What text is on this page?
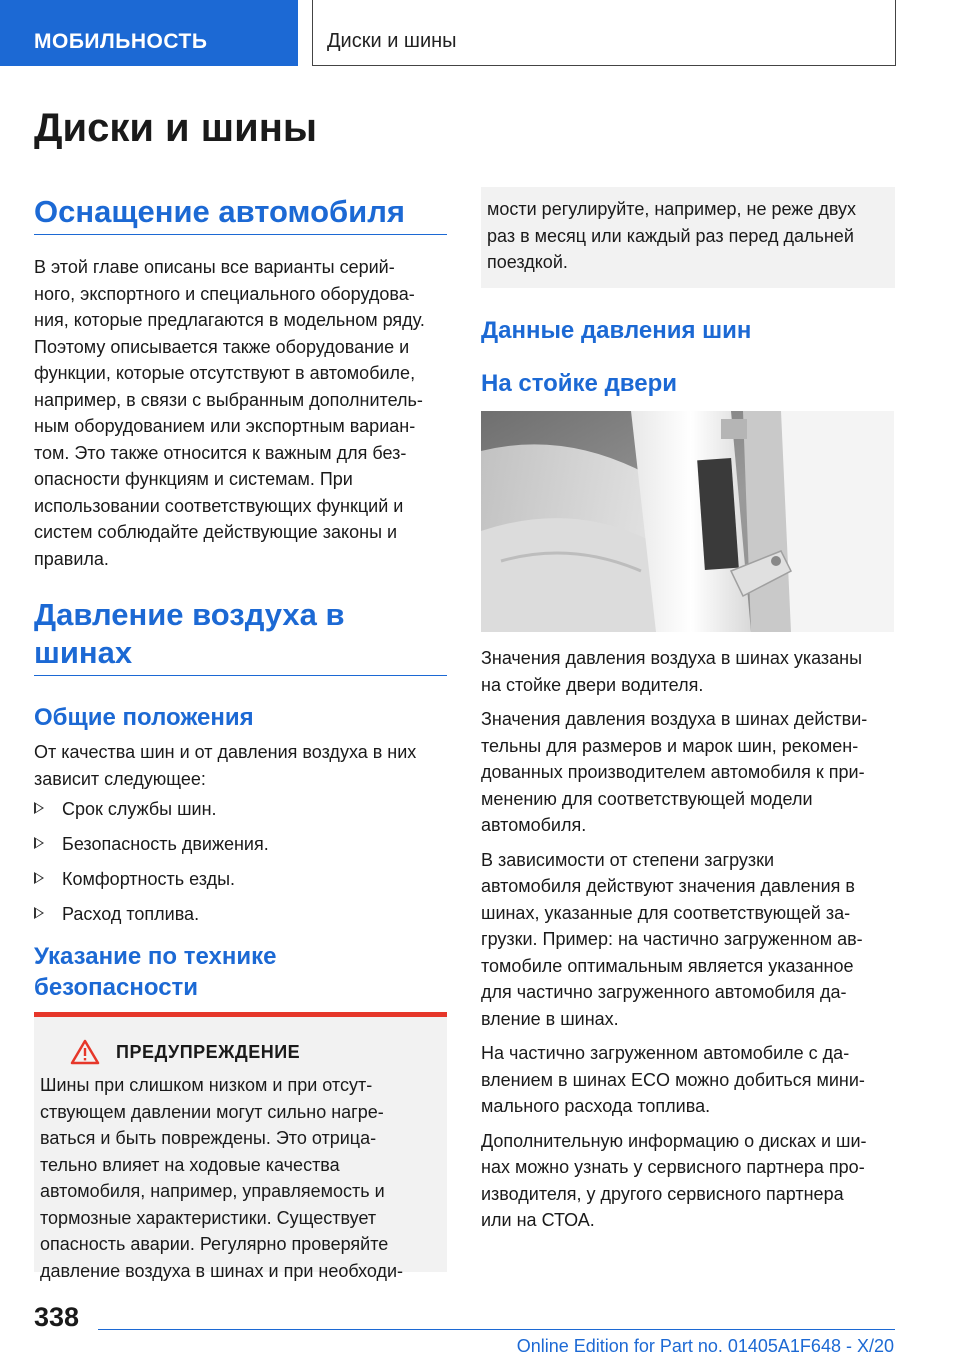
МОБИЛЬНОСТЬ	Диски и шины
Диски и шины
Оснащение автомобиля

В этой главе описаны все варианты серий-

ного, экспортного и специального оборудова-

ния, которые предлагаются в модельном ряду.

Поэтому описывается также оборудование и

функции, которые отсутствуют в автомобиле,

например, в связи с выбранным дополнитель-

ным оборудованием или экспортным вариан-

том. Это также относится к важным для без-

опасности функциям и системам. При

использовании соответствующих функций и

систем соблюдайте действующие законы и

правила.

Давление воздуха в
шинах
Общие положения

От качества шин и от давления воздуха в них

зависит следующее:

Срок службы шин.
Безопасность движения.
Комфортность езды.
Расход топлива.
Указание по технике
безопасности
ПРЕДУПРЕЖДЕНИЕ

Шины при слишком низком и при отсут-

ствующем давлении могут сильно нагре-

ваться и быть повреждены. Это отрица-

тельно влияет на ходовые качества

автомобиля, например, управляемость и

тормозные характеристики. Существует

опасность аварии. Регулярно проверяйте

давление воздуха в шинах и при необходи-

мости регулируйте, например, не реже двух

раз в месяц или каждый раз перед дальней

поездкой.

Данные давления шин
На стойке двери

Значения давления воздуха в шинах указаны

на стойке двери водителя.

Значения давления воздуха в шинах действи-

тельны для размеров и марок шин, рекомен-

дованных производителем автомобиля к при-

менению для соответствующей модели

автомобиля.

В зависимости от степени загрузки

автомобиля действуют значения давления в

шинах, указанные для соответствующей за-

грузки. Пример: на частично загруженном ав-

томобиле оптимальным является указанное

для частично загруженного автомобиля да-

вление в шинах.

На частично загруженном автомобиле с да-

влением в шинах ECO можно добиться мини-

мального расхода топлива.

Дополнительную информацию о дисках и ши-

нах можно узнать у сервисного партнера про-

изводителя, у другого сервисного партнера

или на СТОА.

338
Online Edition for Part no. 01405A1F648 - X/20
